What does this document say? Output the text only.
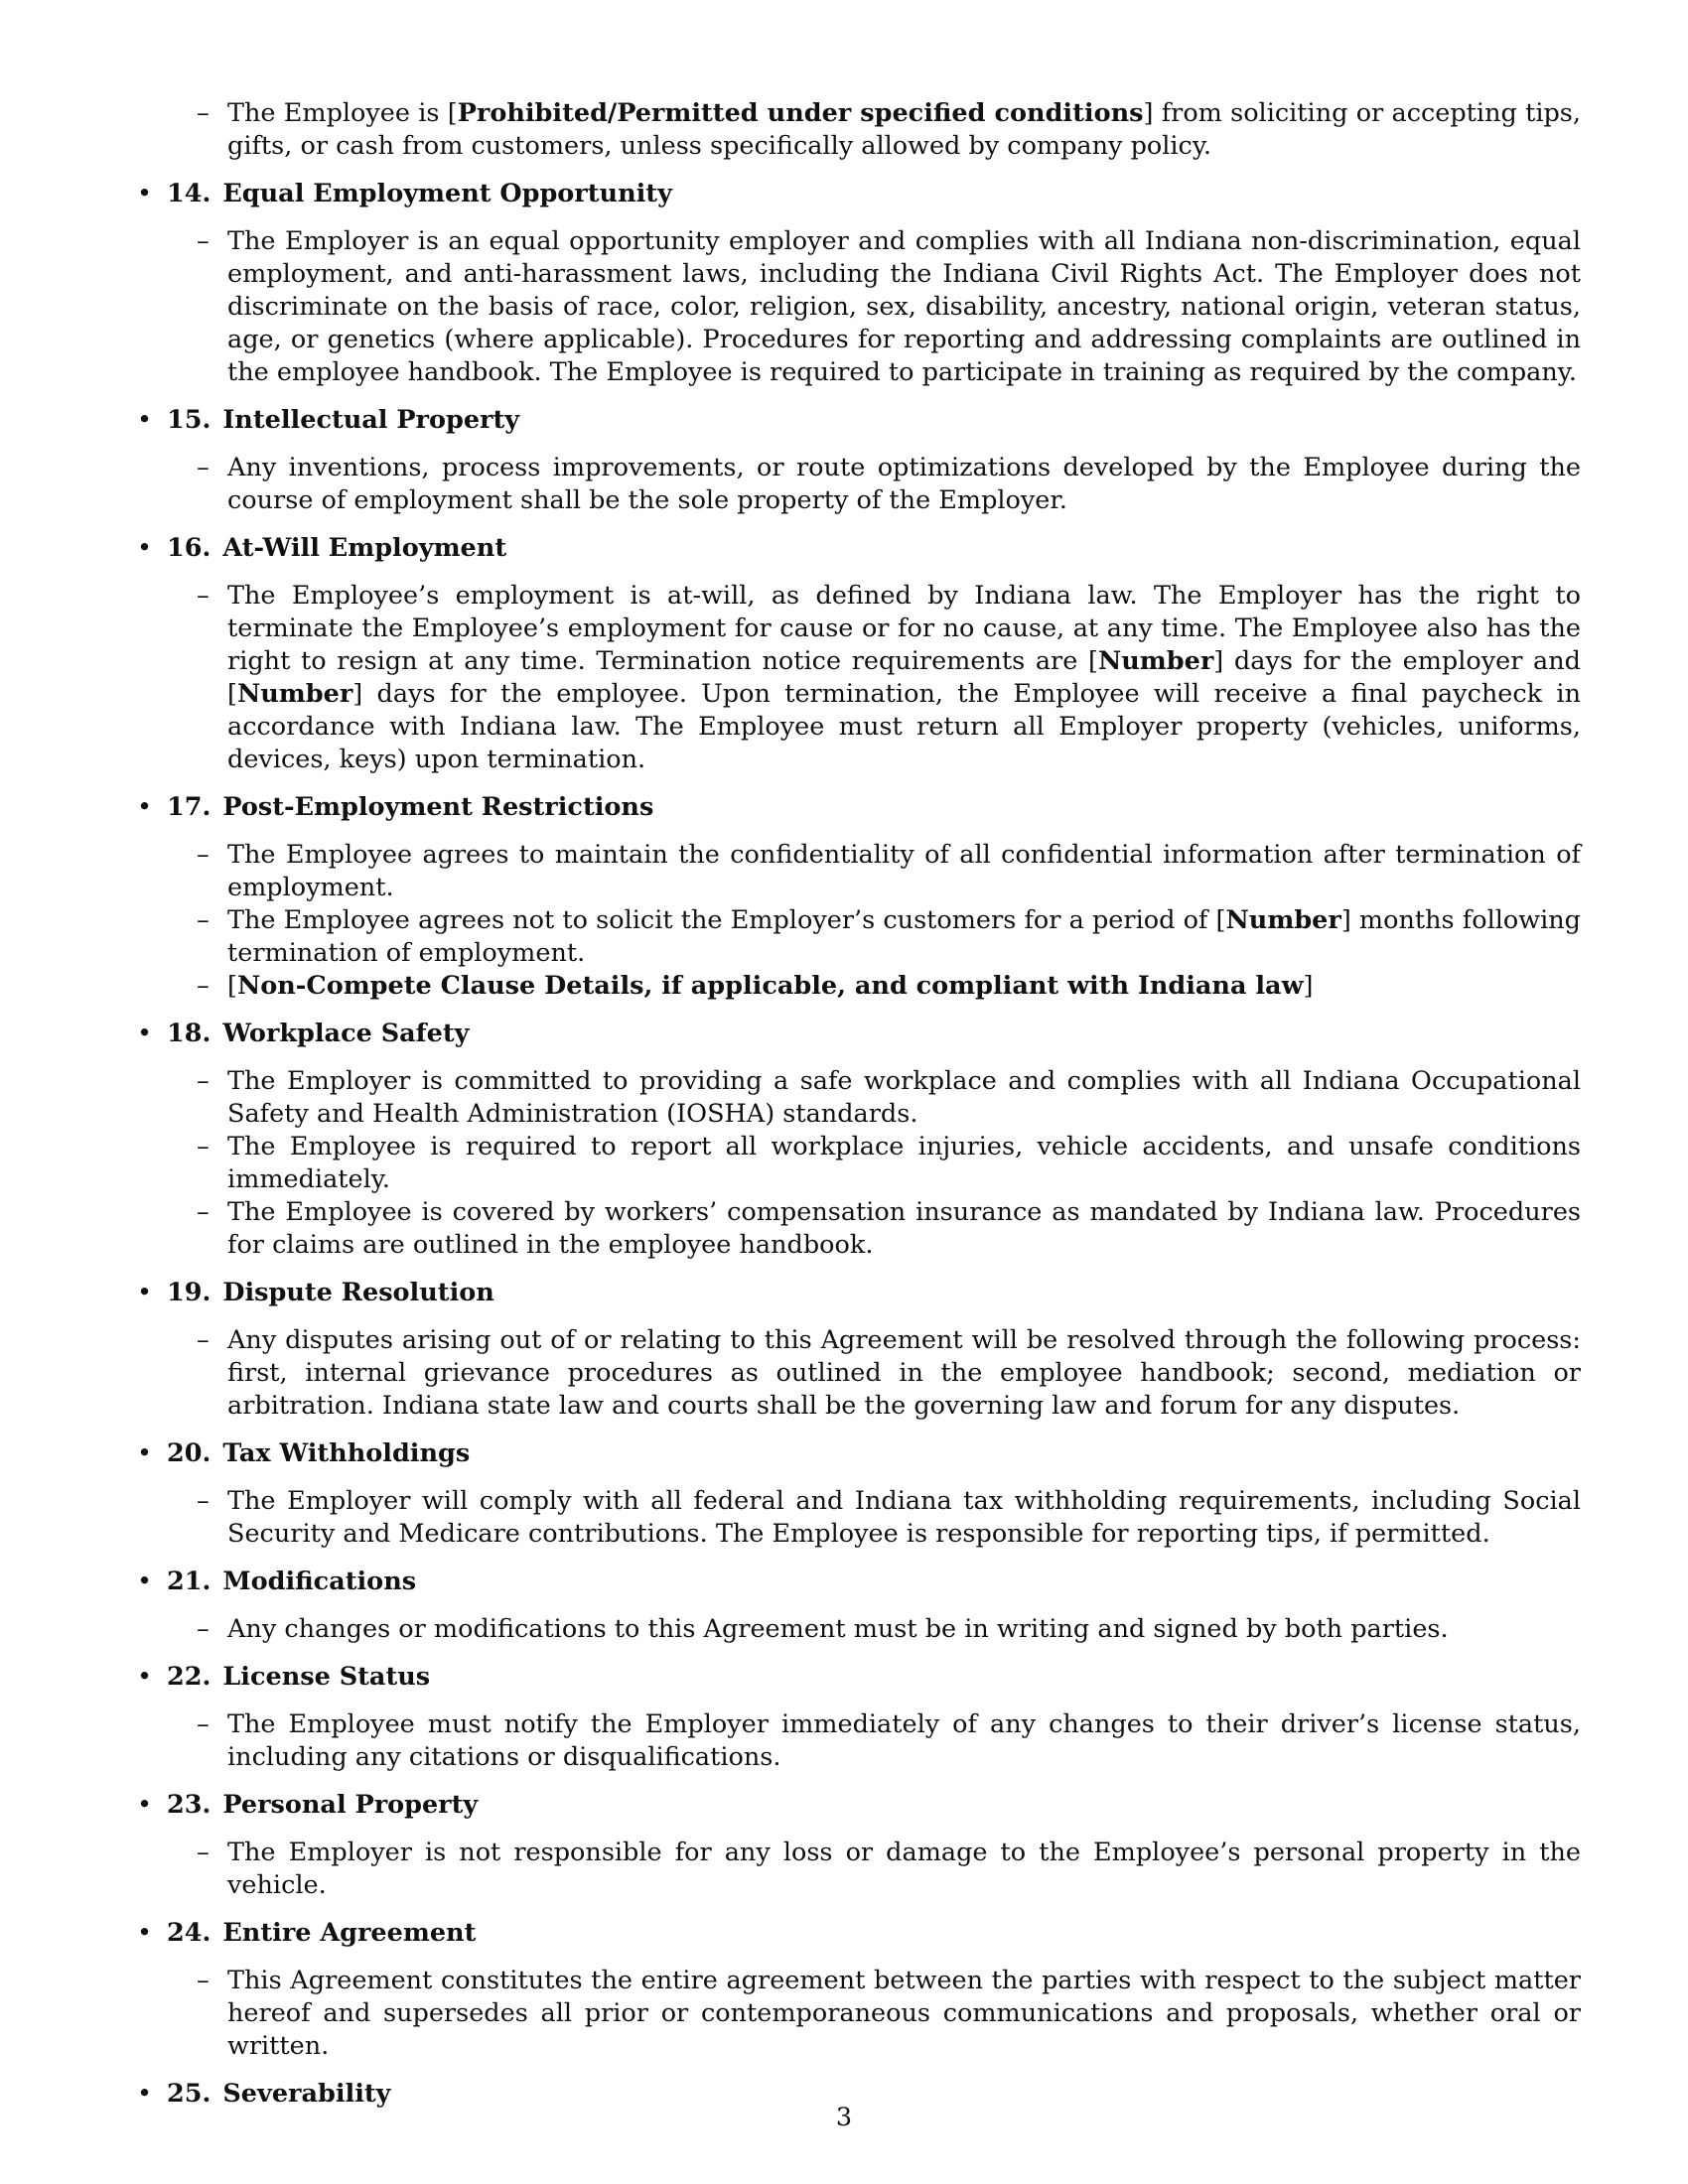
– The Employee is [Prohibited/Permitted under specified conditions] from soliciting or accepting tips, gifts, or cash from customers, unless specifically allowed by company policy.
• 14. Equal Employment Opportunity
– The Employer is an equal opportunity employer and complies with all Indiana non-discrimination, equal employment, and anti-harassment laws, including the Indiana Civil Rights Act. The Employer does not discriminate on the basis of race, color, religion, sex, disability, ancestry, national origin, veteran status, age, or genetics (where applicable). Procedures for reporting and addressing complaints are outlined in the employee handbook. The Employee is required to participate in training as required by the company.
• 15. Intellectual Property
– Any inventions, process improvements, or route optimizations developed by the Employee during the course of employment shall be the sole property of the Employer.
• 16. At-Will Employment
– The Employee’s employment is at-will, as defined by Indiana law. The Employer has the right to terminate the Employee’s employment for cause or for no cause, at any time. The Employee also has the right to resign at any time. Termination notice requirements are [Number] days for the employer and [Number] days for the employee. Upon termination, the Employee will receive a final paycheck in accordance with Indiana law. The Employee must return all Employer property (vehicles, uniforms, devices, keys) upon termination.
• 17. Post-Employment Restrictions
– The Employee agrees to maintain the confidentiality of all confidential information after termination of employment.
– The Employee agrees not to solicit the Employer’s customers for a period of [Number] months following termination of employment.
– [Non-Compete Clause Details, if applicable, and compliant with Indiana law]
• 18. Workplace Safety
– The Employer is committed to providing a safe workplace and complies with all Indiana Occupational Safety and Health Administration (IOSHA) standards.
– The Employee is required to report all workplace injuries, vehicle accidents, and unsafe conditions immediately.
– The Employee is covered by workers’ compensation insurance as mandated by Indiana law. Procedures for claims are outlined in the employee handbook.
• 19. Dispute Resolution
– Any disputes arising out of or relating to this Agreement will be resolved through the following process: first, internal grievance procedures as outlined in the employee handbook; second, mediation or arbitration. Indiana state law and courts shall be the governing law and forum for any disputes.
• 20. Tax Withholdings
– The Employer will comply with all federal and Indiana tax withholding requirements, including Social Security and Medicare contributions. The Employee is responsible for reporting tips, if permitted.
• 21. Modifications
– Any changes or modifications to this Agreement must be in writing and signed by both parties.
• 22. License Status
– The Employee must notify the Employer immediately of any changes to their driver’s license status, including any citations or disqualifications.
• 23. Personal Property
– The Employer is not responsible for any loss or damage to the Employee’s personal property in the vehicle.
• 24. Entire Agreement
– This Agreement constitutes the entire agreement between the parties with respect to the subject matter hereof and supersedes all prior or contemporaneous communications and proposals, whether oral or written.
• 25. Severability
3
